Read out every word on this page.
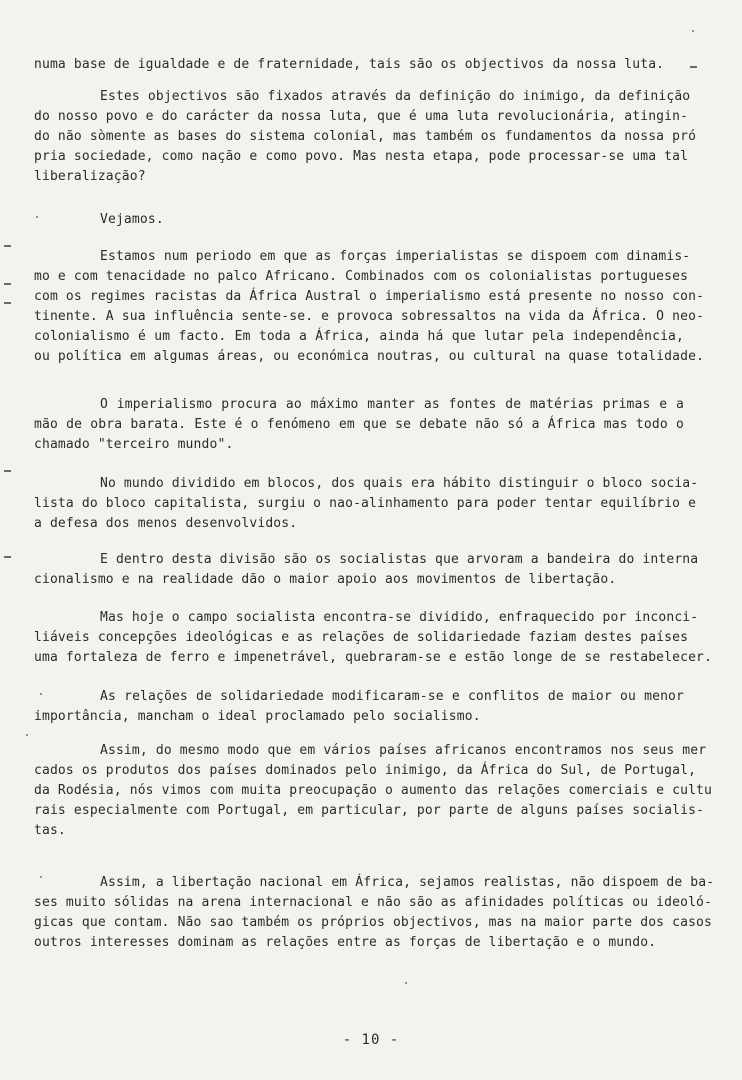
numa base de igualdade e de fraternidade, tais são os objectivos da nossa luta.

Estes objectivos são fixados através da definição do inimigo, da definição
do nosso povo e do carácter da nossa luta, que é uma luta revolucionária, atingin-
do não sòmente as bases do sistema colonial, mas também os fundamentos da nossa pró
pria sociedade, como nação e como povo. Mas nesta etapa, pode processar-se uma tal
liberalização?

Vejamos.

Estamos num periodo em que as forças imperialistas se dispoem com dinamis-
mo e com tenacidade no palco Africano. Combinados com os colonialistas portugueses
com os regimes racistas da África Austral o imperialismo está presente no nosso con-
tinente. A sua influência sente-se. e provoca sobressaltos na vida da África. O neo-
colonialismo é um facto. Em toda a África, ainda há que lutar pela independência,
ou política em algumas áreas, ou económica noutras, ou cultural na quase totalidade.

O imperialismo procura ao máximo manter as fontes de matérias primas e a
mão de obra barata. Este é o fenómeno em que se debate não só a África mas todo o
chamado "terceiro mundo".

No mundo dividido em blocos, dos quais era hábito distinguir o bloco socia-
lista do bloco capitalista, surgiu o nao-alinhamento para poder tentar equilíbrio e
a defesa dos menos desenvolvidos.

E dentro desta divisão são os socialistas que arvoram a bandeira do interna
cionalismo e na realidade dão o maior apoio aos movimentos de libertação.

Mas hoje o campo socialista encontra-se dividido, enfraquecido por inconci-
liáveis concepções ideológicas e as relações de solidariedade faziam destes países
uma fortaleza de ferro e impenetrável, quebraram-se e estão longe de se restabelecer.

As relações de solidariedade modificaram-se e conflitos de maior ou menor
importância, mancham o ideal proclamado pelo socialismo.

Assim, do mesmo modo que em vários países africanos encontramos nos seus mer
cados os produtos dos países dominados pelo inimigo, da África do Sul, de Portugal,
da Rodésia, nós vimos com muita preocupação o aumento das relações comerciais e cultu
rais especialmente com Portugal, em particular, por parte de alguns países socialis-
tas.

Assim, a libertação nacional em África, sejamos realistas, não dispoem de ba-
ses muito sólidas na arena internacional e não são as afinidades políticas ou ideoló-
gicas que contam. Não sao também os próprios objectivos, mas na maior parte dos casos
outros interesses dominam as relações entre as forças de libertação e o mundo.

- 10 -
